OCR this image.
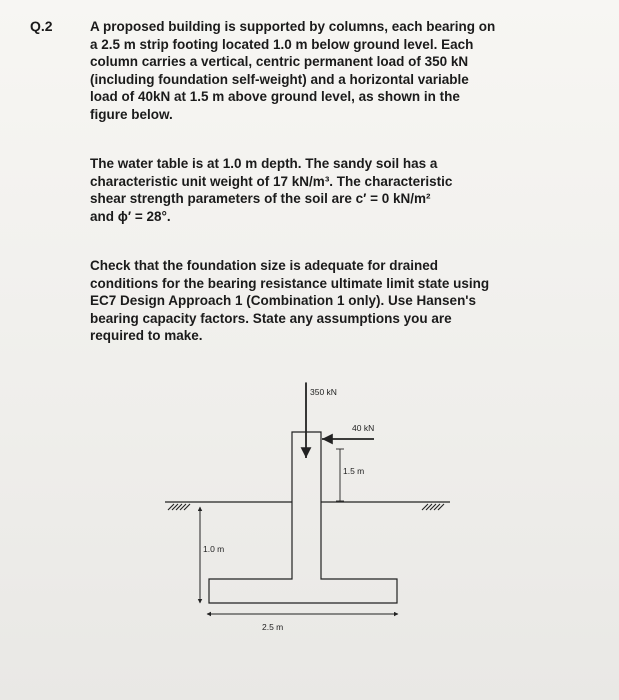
Q.2	A proposed building is supported by columns, each bearing on
a 2.5 m strip footing located 1.0 m below ground level. Each
column carries a vertical, centric permanent load of 350 kN
(including foundation self-weight) and a horizontal variable
load of 40kN at 1.5 m above ground level, as shown in the
figure below.
The water table is at 1.0 m depth. The sandy soil has a
characteristic unit weight of 17 kN/m³. The characteristic
shear strength parameters of the soil are c′ = 0 kN/m²
and ϕ′ = 28°.
Check that the foundation size is adequate for drained
conditions for the bearing resistance ultimate limit state using
EC7 Design Approach 1 (Combination 1 only). Use Hansen's
bearing capacity factors. State any assumptions you are
required to make.
350 kN
40 kN
1.5 m
1.0 m
2.5 m
